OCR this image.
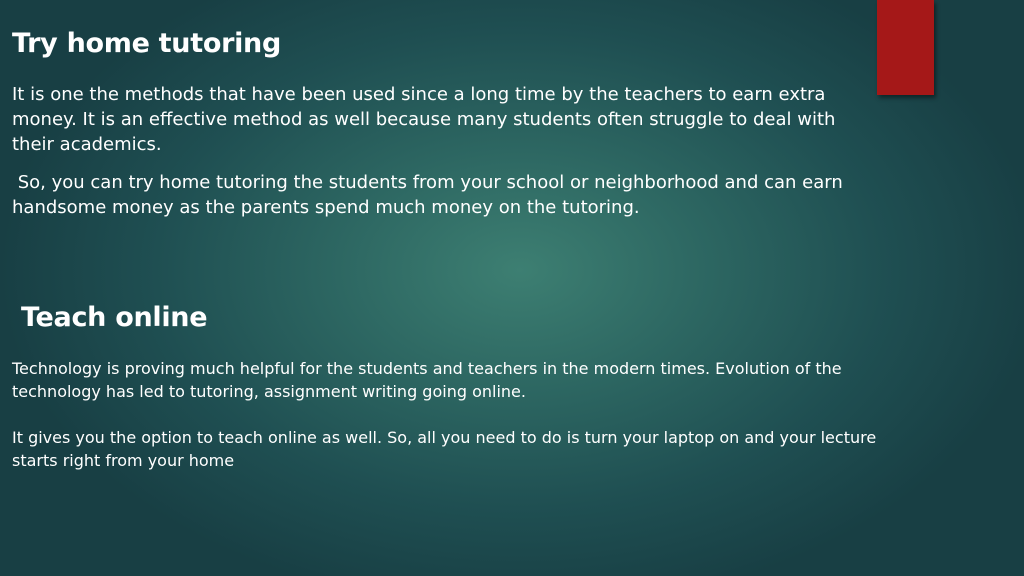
Try home tutoring

It is one the methods that have been used since a long time by the teachers to earn extra money. It is an effective method as well because many students often struggle to deal with their academics.

So, you can try home tutoring the students from your school or neighborhood and can earn handsome money as the parents spend much money on the tutoring.

Teach online

Technology is proving much helpful for the students and teachers in the modern times. Evolution of the technology has led to tutoring, assignment writing going online.

It gives you the option to teach online as well. So, all you need to do is turn your laptop on and your lecture starts right from your home
